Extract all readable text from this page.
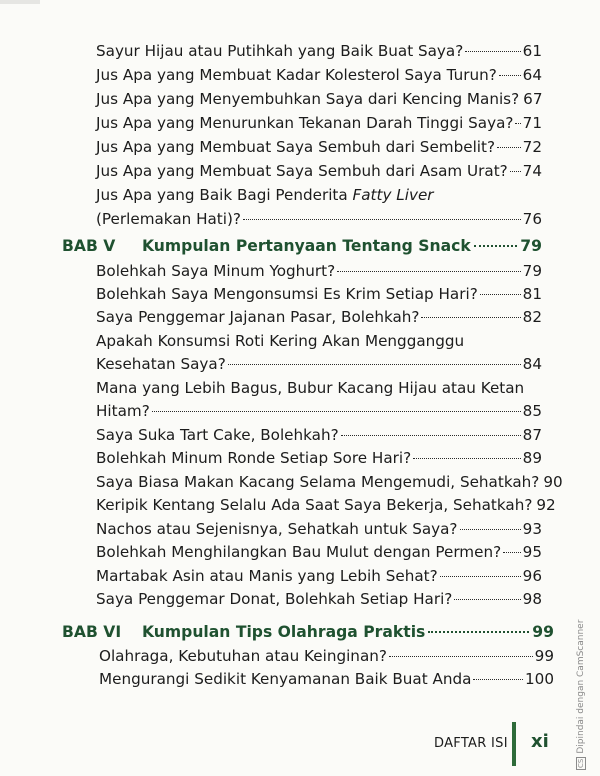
Sayur Hijau atau Putihkah yang Baik Buat Saya?	61
Jus Apa yang Membuat Kadar Kolesterol Saya Turun? 64
Jus Apa yang Menyembuhkan Saya dari Kencing Manis? 67
Jus Apa yang Menurunkan Tekanan Darah Tinggi Saya? 71
Jus Apa yang Membuat Saya Sembuh dari Sembelit? 72
Jus Apa yang Membuat Saya Sembuh dari Asam Urat? 74
Jus Apa yang Baik Bagi Penderita Fatty Liver
(Perlemakan Hati)?	76
BAB V	Kumpulan Pertanyaan Tentang Snack	79
Bolehkah Saya Minum Yoghurt?	79
Bolehkah Saya Mengonsumsi Es Krim Setiap Hari?	81
Saya Penggemar Jajanan Pasar, Bolehkah?	82
Apakah Konsumsi Roti Kering Akan Mengganggu
Kesehatan Saya?	84
Mana yang Lebih Bagus, Bubur Kacang Hijau atau Ketan
Hitam?	85
Saya Suka Tart Cake, Bolehkah?	87
Bolehkah Minum Ronde Setiap Sore Hari?	89
Saya Biasa Makan Kacang Selama Mengemudi, Sehatkah? 90
Keripik Kentang Selalu Ada Saat Saya Bekerja, Sehatkah? 92
Nachos atau Sejenisnya, Sehatkah untuk Saya?	93
Bolehkah Menghilangkan Bau Mulut dengan Permen? 95
Martabak Asin atau Manis yang Lebih Sehat?	96
Saya Penggemar Donat, Bolehkah Setiap Hari?	98
BAB VI	Kumpulan Tips Olahraga Praktis	99
Olahraga, Kebutuhan atau Keinginan?	99
Mengurangi Sedikit Kenyamanan Baik Buat Anda	100
DAFTAR ISI xi
CSDipindai dengan CamScanner
